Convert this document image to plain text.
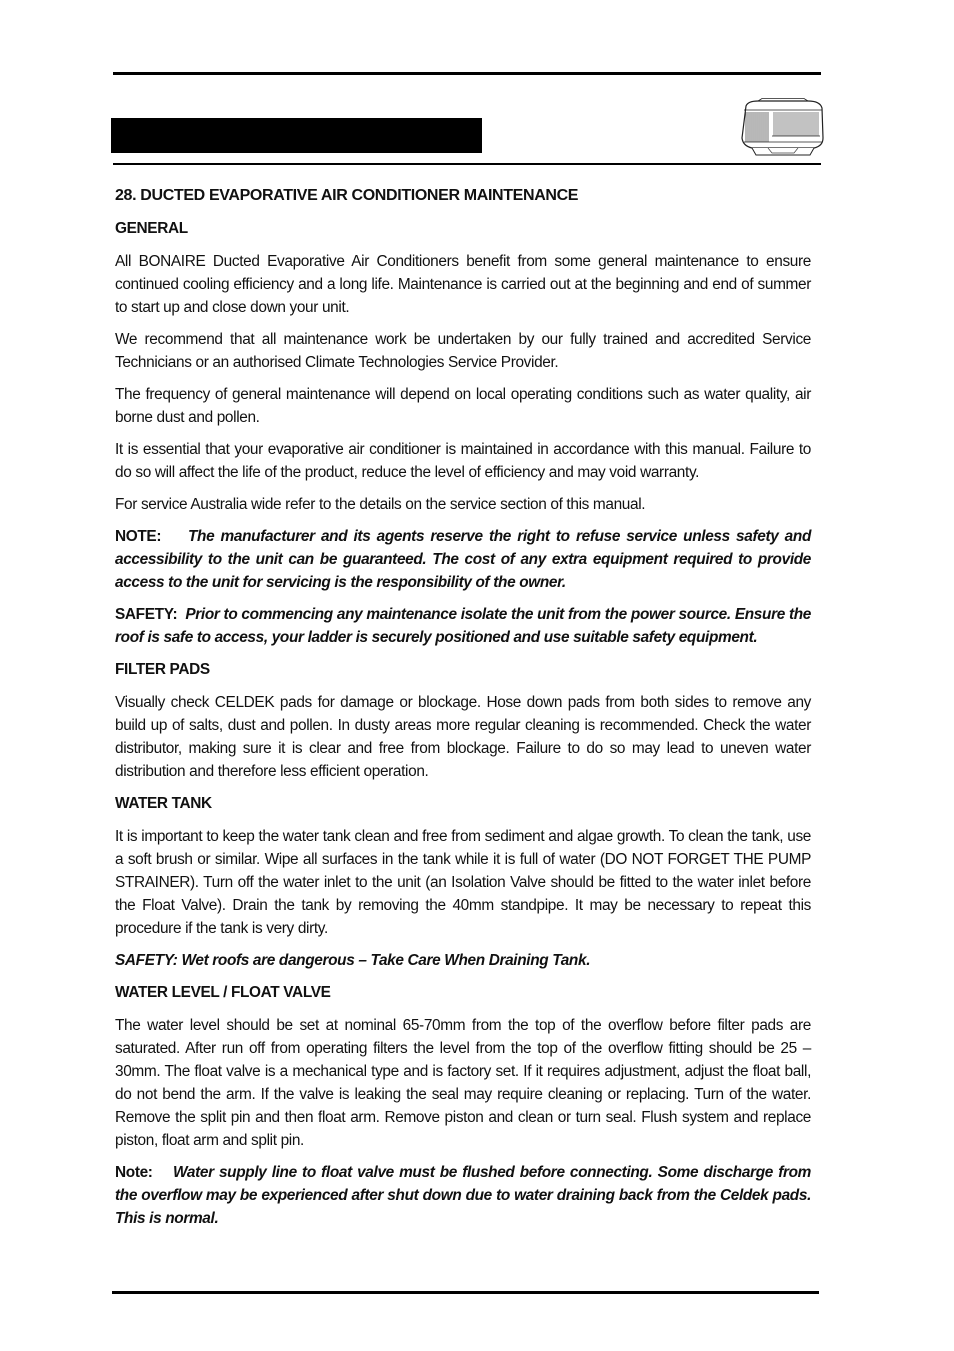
28. DUCTED EVAPORATIVE AIR CONDITIONER MAINTENANCE
GENERAL

All BONAIRE Ducted Evaporative Air Conditioners benefit from some general maintenance to ensure continued cooling efficiency and a long life. Maintenance is carried out at the beginning and end of summer to start up and close down your unit.

We recommend that all maintenance work be undertaken by our fully trained and accredited Service Technicians or an authorised Climate Technologies Service Provider.

The frequency of general maintenance will depend on local operating conditions such as water quality, air borne dust and pollen.

It is essential that your evaporative air conditioner is maintained in accordance with this manual. Failure to do so will affect the life of the product, reduce the level of efficiency and may void warranty.

For service Australia wide refer to the details on the service section of this manual.

NOTE: The manufacturer and its agents reserve the right to refuse service unless safety and accessibility to the unit can be guaranteed. The cost of any extra equipment required to provide access to the unit for servicing is the responsibility of the owner.

SAFETY: Prior to commencing any maintenance isolate the unit from the power source. Ensure the roof is safe to access, your ladder is securely positioned and use suitable safety equipment.

FILTER PADS

Visually check CELDEK pads for damage or blockage. Hose down pads from both sides to remove any build up of salts, dust and pollen. In dusty areas more regular cleaning is recommended. Check the water distributor, making sure it is clear and free from blockage. Failure to do so may lead to uneven water distribution and therefore less efficient operation.

WATER TANK

It is important to keep the water tank clean and free from sediment and algae growth. To clean the tank, use a soft brush or similar. Wipe all surfaces in the tank while it is full of water (DO NOT FORGET THE PUMP STRAINER). Turn off the water inlet to the unit (an Isolation Valve should be fitted to the water inlet before the Float Valve). Drain the tank by removing the 40mm standpipe. It may be necessary to repeat this procedure if the tank is very dirty.

SAFETY: Wet roofs are dangerous – Take Care When Draining Tank.

WATER LEVEL / FLOAT VALVE

The water level should be set at nominal 65-70mm from the top of the overflow before filter pads are saturated. After run off from operating filters the level from the top of the overflow fitting should be 25 – 30mm. The float valve is a mechanical type and is factory set. If it requires adjustment, adjust the float ball, do not bend the arm. If the valve is leaking the seal may require cleaning or replacing. Turn of the water. Remove the split pin and then float arm. Remove piston and clean or turn seal. Flush system and replace piston, float arm and split pin.

Note: Water supply line to float valve must be flushed before connecting. Some discharge from the overflow may be experienced after shut down due to water draining back from the Celdek pads. This is normal.
